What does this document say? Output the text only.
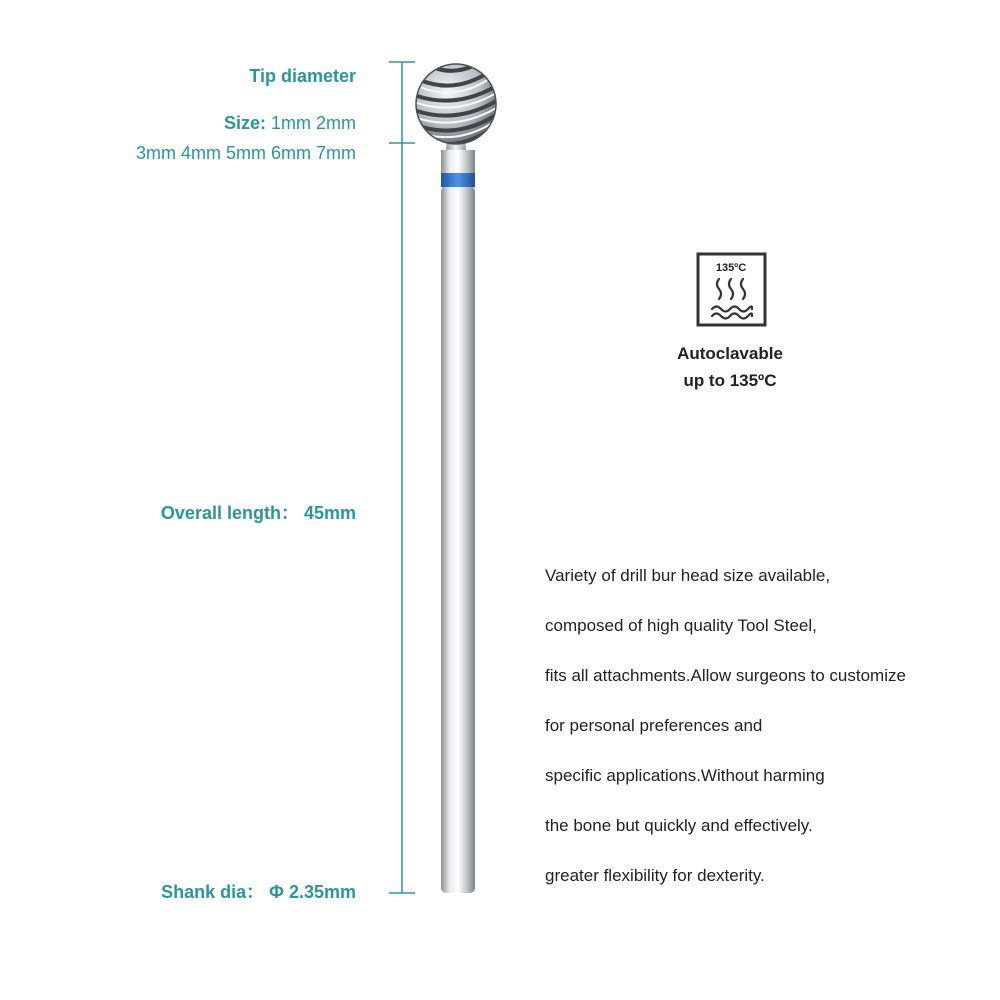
135ºC
Tip diameter
Size: 1mm 2mm
3mm 4mm 5mm 6mm 7mm
Overall length： 45mm
Shank dia： Φ 2.35mm
Autoclavable
up to 135ºC
Variety of drill bur head size available,
composed of high quality Tool Steel,
fits all attachments.Allow surgeons to customize
for personal preferences and
specific applications.Without harming
the bone but quickly and effectively.
greater flexibility for dexterity.
